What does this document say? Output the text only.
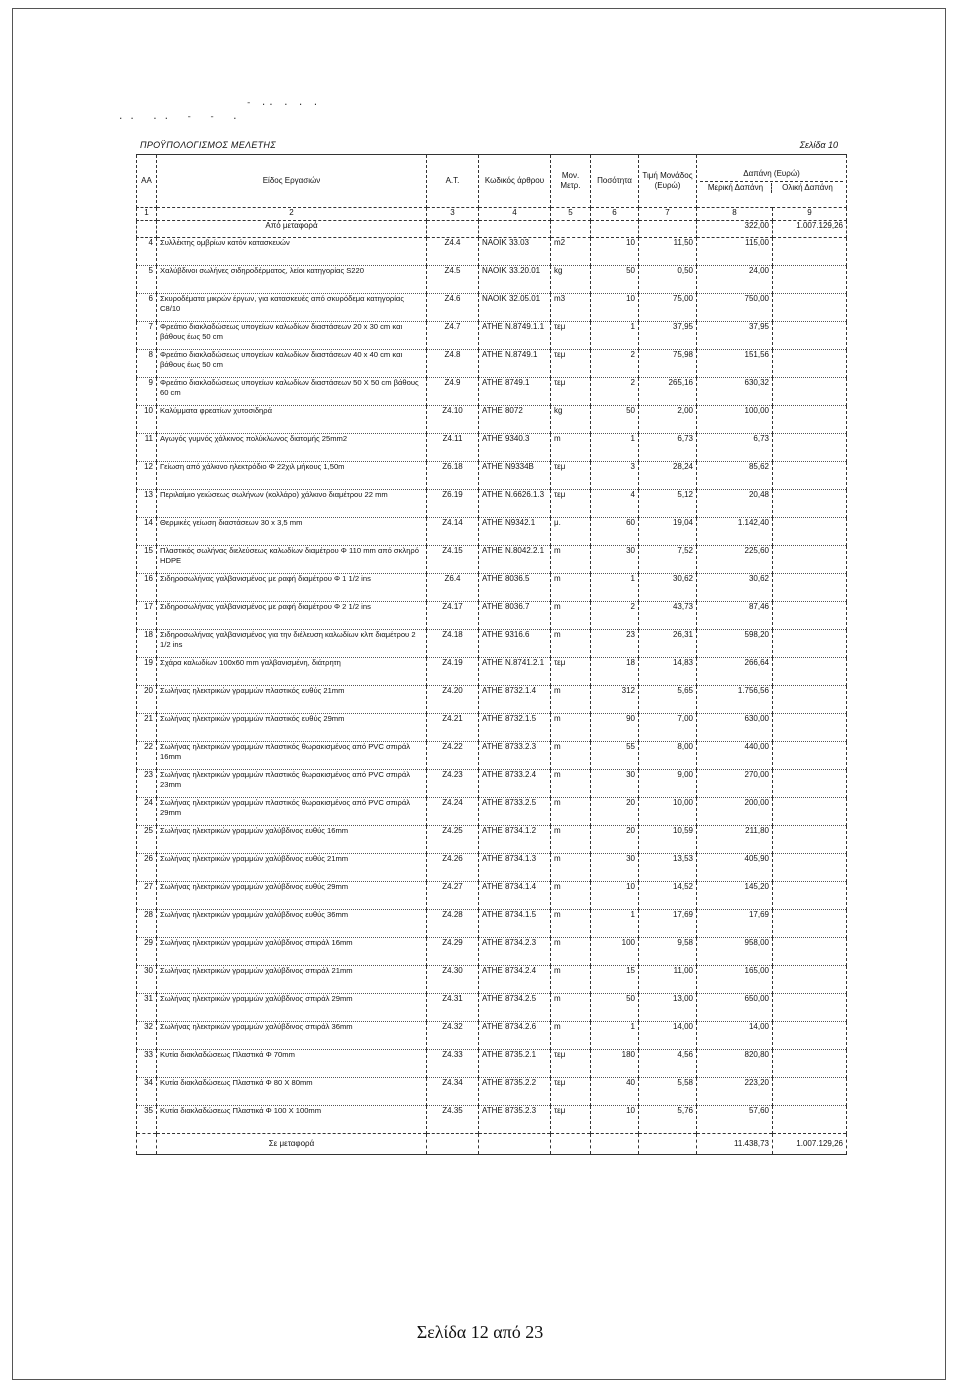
- .. . . .
.. .. - - .
ΠΡΟΫΠΟΛΟΓΙΣΜΟΣ ΜΕΛΕΤΗΣ	Σελίδα 10
ΑΑ	Είδος Εργασιών	Α.Τ.	Κωδικός άρθρου	Μον. Μετρ.	Ποσότητα	Τιμή Μονάδος (Ευρώ)	Δαπάνη (Ευρώ)
Μερική Δαπάνη Ολική Δαπάνη	

1	2	3	4	5	6	7	8	9
	Από μεταφορά						322,00	1.007.129,26
4	Συλλέκτης ομβρίων κατόν κατασκευών	Z4.4	ΝΑΟΙΚ 33.03	m2	10	11,50	115,00	
5	Χαλύβδινοι σωλήνες σιδηροδέρματος, λείοι κατηγορίας S220	Z4.5	ΝΑΟΙΚ 33.20.01	kg	50	0,50	24,00	
6	Σκυροδέματα μικρών έργων, για κατασκευές από σκυρόδεμα κατηγορίας C8/10	Z4.6	ΝΑΟΙΚ 32.05.01	m3	10	75,00	750,00	
7	Φρεάτιο διακλαδώσεως υπογείων καλωδίων διαστάσεων 20 x 30 cm και βάθους έως 50 cm	Z4.7	ΑΤΗΕ Ν.8749.1.1	τεμ	1	37,95	37,95	
8	Φρεάτιο διακλαδώσεως υπογείων καλωδίων διαστάσεων 40 x 40 cm και βάθους έως 50 cm	Z4.8	ΑΤΗΕ Ν.8749.1	τεμ	2	75,98	151,56	
9	Φρεάτιο διακλαδώσεως υπογείων καλωδίων διαστάσεων 50 X 50 cm βάθους 60 cm	Z4.9	ΑΤΗΕ 8749.1	τεμ	2	265,16	630,32	
10	Καλύμματα φρεατίων χυτοσιδηρά	Z4.10	ΑΤΗΕ 8072	kg	50	2,00	100,00	
11	Αγωγός γυμνός χάλκινος πολύκλωνος διατομής 25mm2	Z4.11	ΑΤΗΕ 9340.3	m	1	6,73	6,73	
12	Γείωση από χάλκινο ηλεκτρόδιο Φ 22χιλ μήκους 1,50m	Z6.18	ΑΤΗΕ Ν9334Β	τεμ	3	28,24	85,62	
13	Περιλαίμιο γειώσεως σωλήνων (κολλάρο) χάλκινο διαμέτρου 22 mm	Z6.19	ΑΤΗΕ Ν.6626.1.3	τεμ	4	5,12	20,48	
14	Θερμικές γείωση διαστάσεων 30 x 3,5 mm	Z4.14	ΑΤΗΕ Ν9342.1	μ.	60	19,04	1.142,40	
15	Πλαστικός σωλήνας διελεύσεως καλωδίων διαμέτρου Φ 110 mm από σκληρό HDPE	Z4.15	ΑΤΗΕ Ν.8042.2.1	m	30	7,52	225,60	
16	Σιδηροσωλήνας γαλβανισμένος με ραφή διαμέτρου Φ 1 1/2 ins	Z6.4	ΑΤΗΕ 8036.5	m	1	30,62	30,62	
17	Σιδηροσωλήνας γαλβανισμένος με ραφή διαμέτρου Φ 2 1/2 ins	Z4.17	ΑΤΗΕ 8036.7	m	2	43,73	87,46	
18	Σιδηροσωλήνας γαλβανισμένος για την διέλευση καλωδίων κλπ διαμέτρου 2 1/2 ins	Z4.18	ΑΤΗΕ 9316.6	m	23	26,31	598,20	
19	Σχάρα καλωδίων 100x60 mm γαλβανισμένη, διάτρητη	Z4.19	ΑΤΗΕ Ν.8741.2.1	τεμ	18	14,83	266,64	
20	Σωλήνας ηλεκτρικών γραμμών πλαστικός ευθύς 21mm	Z4.20	ΑΤΗΕ 8732.1.4	m	312	5,65	1.756,56	
21	Σωλήνας ηλεκτρικών γραμμών πλαστικός ευθύς 29mm	Z4.21	ΑΤΗΕ 8732.1.5	m	90	7,00	630,00	
22	Σωλήνας ηλεκτρικών γραμμών πλαστικός θωρακισμένος από PVC σπιράλ 16mm	Z4.22	ΑΤΗΕ 8733.2.3	m	55	8,00	440,00	
23	Σωλήνας ηλεκτρικών γραμμών πλαστικός θωρακισμένος από PVC σπιράλ 23mm	Z4.23	ΑΤΗΕ 8733.2.4	m	30	9,00	270,00	
24	Σωλήνας ηλεκτρικών γραμμών πλαστικός θωρακισμένος από PVC σπιράλ 29mm	Z4.24	ΑΤΗΕ 8733.2.5	m	20	10,00	200,00	
25	Σωλήνας ηλεκτρικών γραμμών χαλύβδινος ευθύς 16mm	Z4.25	ΑΤΗΕ 8734.1.2	m	20	10,59	211,80	
26	Σωλήνας ηλεκτρικών γραμμών χαλύβδινος ευθύς 21mm	Z4.26	ΑΤΗΕ 8734.1.3	m	30	13,53	405,90	
27	Σωλήνας ηλεκτρικών γραμμών χαλύβδινος ευθύς 29mm	Z4.27	ΑΤΗΕ 8734.1.4	m	10	14,52	145,20	
28	Σωλήνας ηλεκτρικών γραμμών χαλύβδινος ευθύς 36mm	Z4.28	ΑΤΗΕ 8734.1.5	m	1	17,69	17,69	
29	Σωλήνας ηλεκτρικών γραμμών χαλύβδινος σπιράλ 16mm	Z4.29	ΑΤΗΕ 8734.2.3	m	100	9,58	958,00	
30	Σωλήνας ηλεκτρικών γραμμών χαλύβδινος σπιράλ 21mm	Z4.30	ΑΤΗΕ 8734.2.4	m	15	11,00	165,00	
31	Σωλήνας ηλεκτρικών γραμμών χαλύβδινος σπιράλ 29mm	Z4.31	ΑΤΗΕ 8734.2.5	m	50	13,00	650,00	
32	Σωλήνας ηλεκτρικών γραμμών χαλύβδινος σπιράλ 36mm	Z4.32	ΑΤΗΕ 8734.2.6	m	1	14,00	14,00	
33	Κυτία διακλαδώσεως Πλαστικά Φ 70mm	Z4.33	ΑΤΗΕ 8735.2.1	τεμ	180	4,56	820,80	
34	Κυτία διακλαδώσεως Πλαστικά Φ 80 X 80mm	Z4.34	ΑΤΗΕ 8735.2.2	τεμ	40	5,58	223,20	
35	Κυτία διακλαδώσεως Πλαστικά Φ 100 X 100mm	Z4.35	ΑΤΗΕ 8735.2.3	τεμ	10	5,76	57,60	
	Σε μεταφορά						11.438,73	1.007.129,26
Σελίδα 12 από 23
